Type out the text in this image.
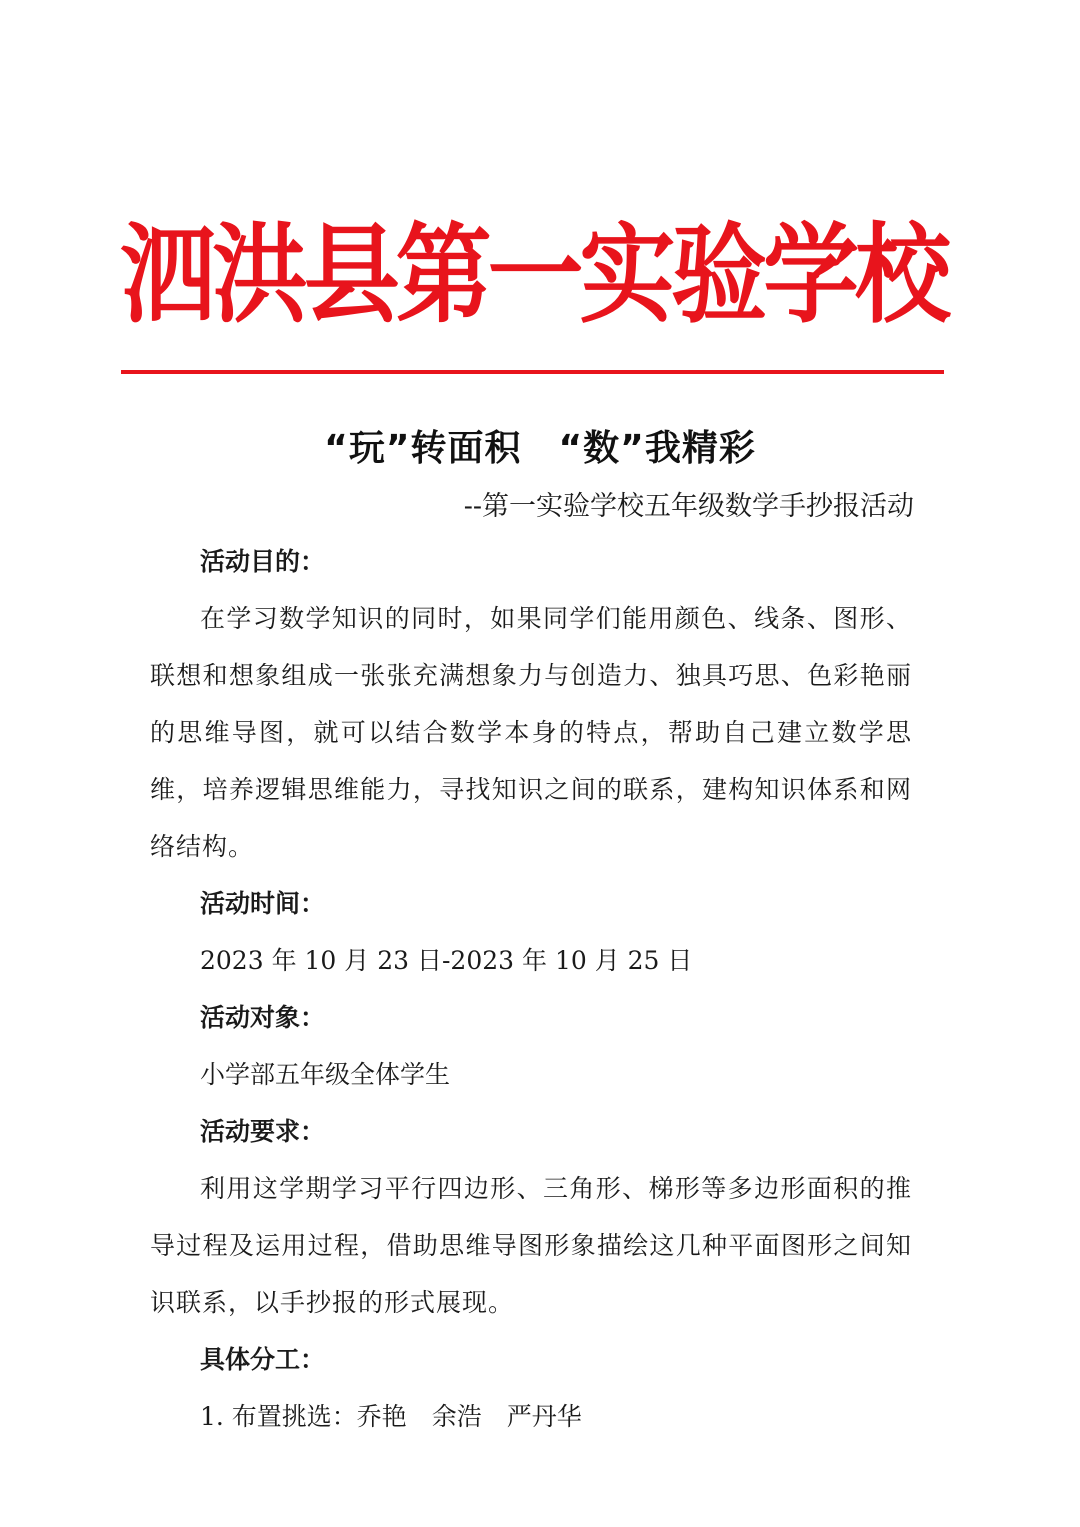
泗
洪
县
第
一
实
验
学
校
“玩”转面积　“数”我精彩
--第一实验学校五年级数学手抄报活动

活动目的：

在学习数学知识的同时，如果同学们能用颜色、线条、图形、联想和想象组成一张张充满想象力与创造力、独具巧思、色彩艳丽的思维导图，就可以结合数学本身的特点，帮助自己建立数学思维，培养逻辑思维能力，寻找知识之间的联系，建构知识体系和网络结构。

活动时间：

2023 年 10 月 23 日-2023 年 10 月 25 日

活动对象：

小学部五年级全体学生

活动要求：

利用这学期学习平行四边形、三角形、梯形等多边形面积的推导过程及运用过程，借助思维导图形象描绘这几种平面图形之间知识联系，以手抄报的形式展现。

具体分工：

1. 布置挑选：乔艳　余浩　严丹华
